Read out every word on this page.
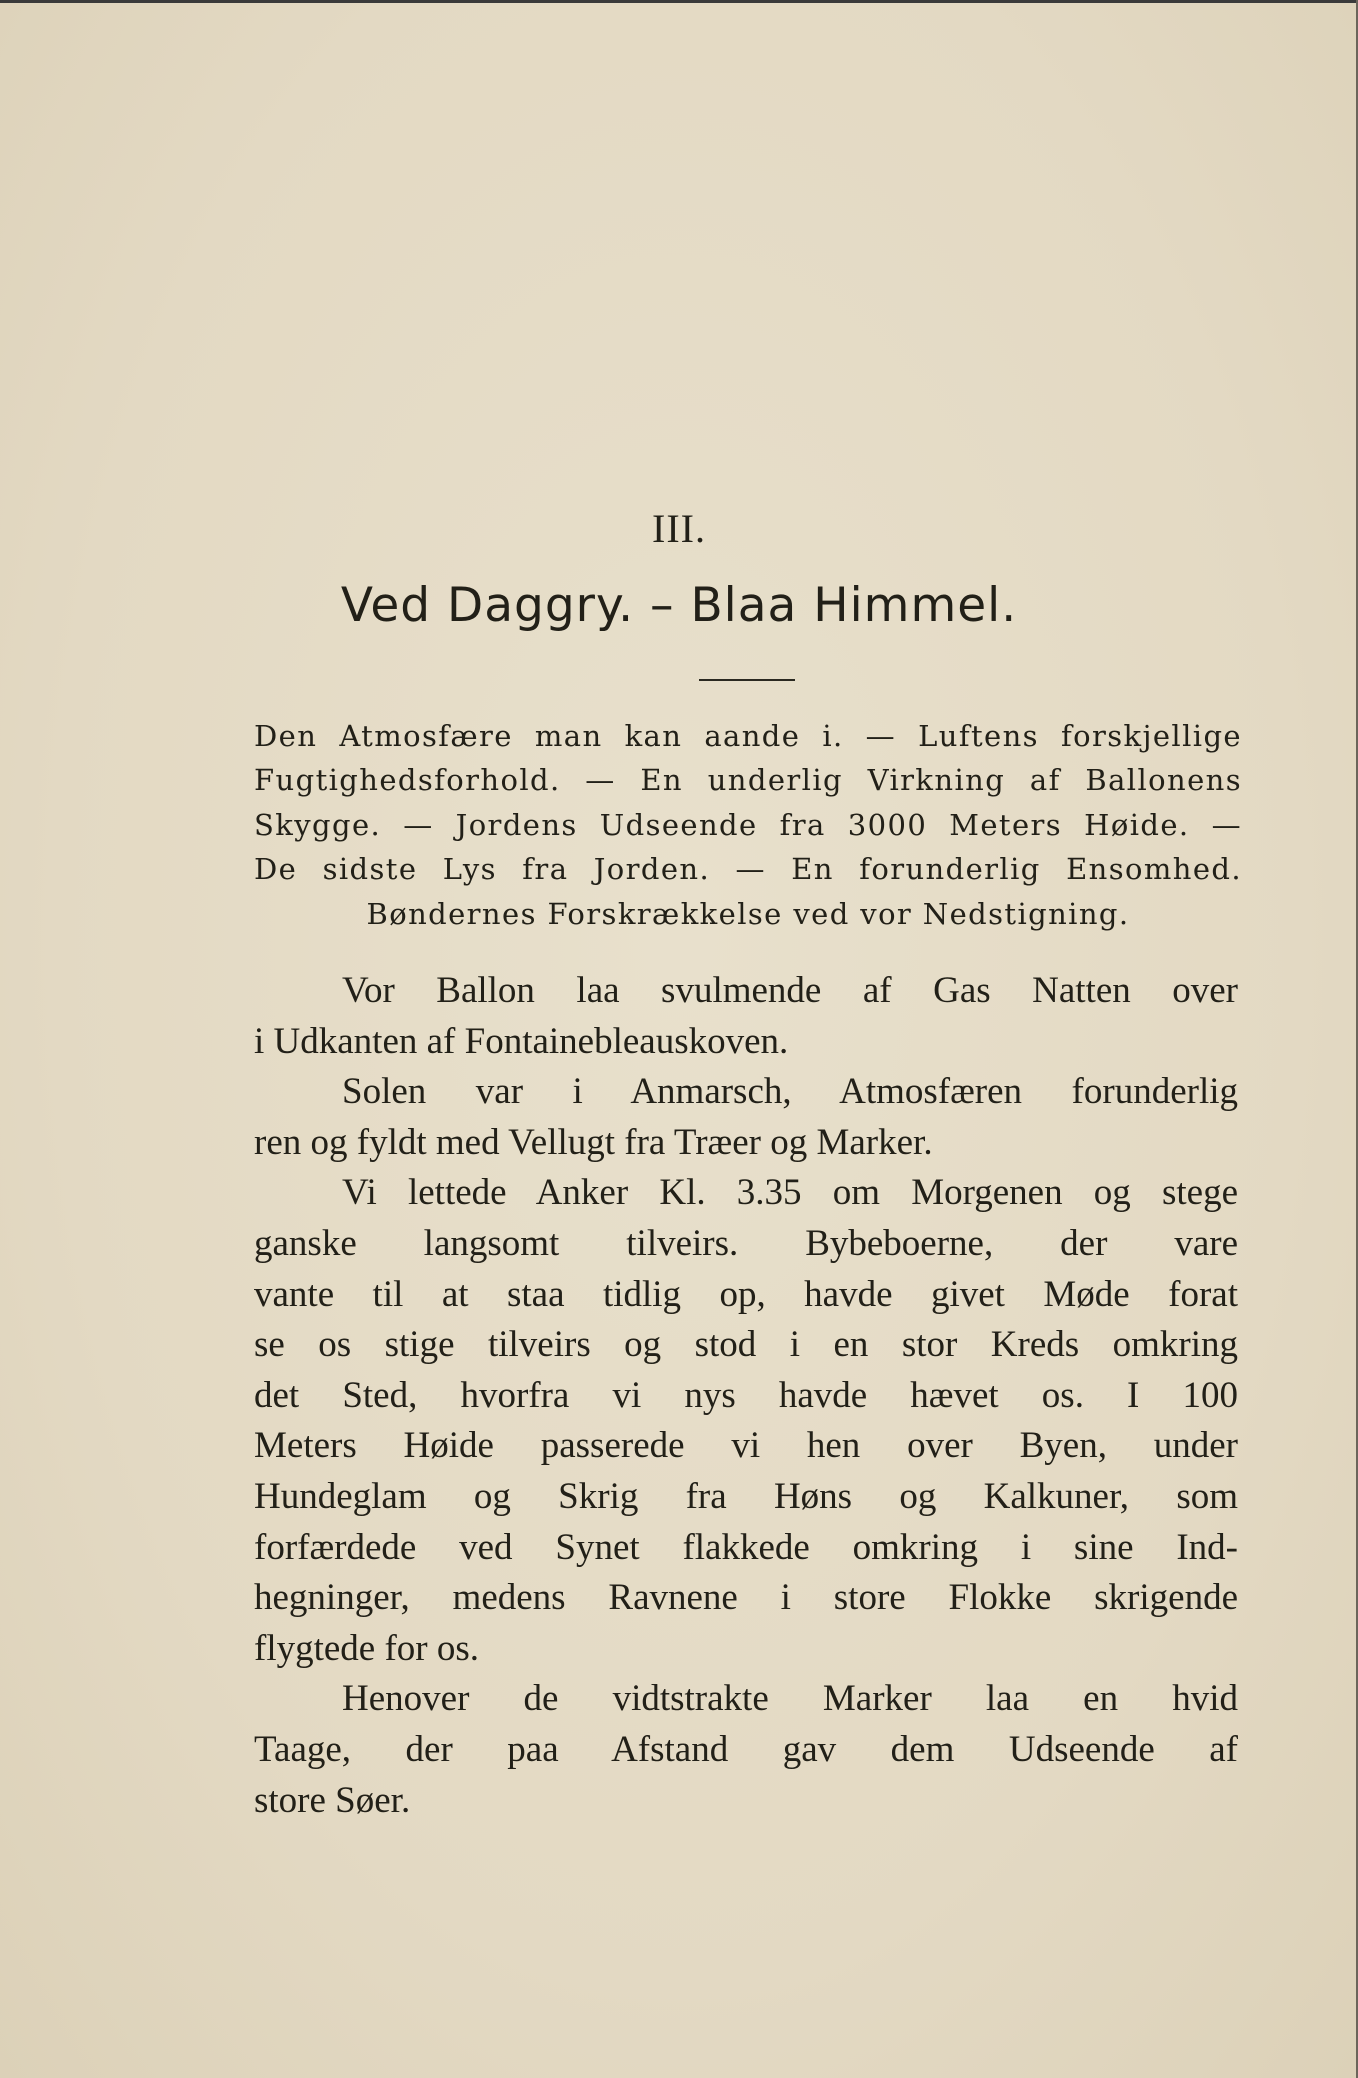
III.
Ved Daggry. – Blaa Himmel.
Den Atmosfære man kan aande i. — Luftens forskjellige
Fugtighedsforhold. — En underlig Virkning af Ballonens
Skygge. — Jordens Udseende fra 3000 Meters Høide. —
De sidste Lys fra Jorden. — En forunderlig Ensomhed.
Bøndernes Forskrækkelse ved vor Nedstigning.
Vor Ballon laa svulmende af Gas Natten over
i Udkanten af Fontainebleauskoven.
Solen var i Anmarsch, Atmosfæren forunderlig
ren og fyldt med Vellugt fra Træer og Marker.
Vi lettede Anker Kl. 3.35 om Morgenen og stege
ganske langsomt tilveirs. Bybeboerne, der vare
vante til at staa tidlig op, havde givet Møde forat
se os stige tilveirs og stod i en stor Kreds omkring
det Sted, hvorfra vi nys havde hævet os. I 100
Meters Høide passerede vi hen over Byen, under
Hundeglam og Skrig fra Høns og Kalkuner, som
forfærdede ved Synet flakkede omkring i sine Ind-
hegninger, medens Ravnene i store Flokke skrigende
flygtede for os.
Henover de vidtstrakte Marker laa en hvid
Taage, der paa Afstand gav dem Udseende af
store Søer.
